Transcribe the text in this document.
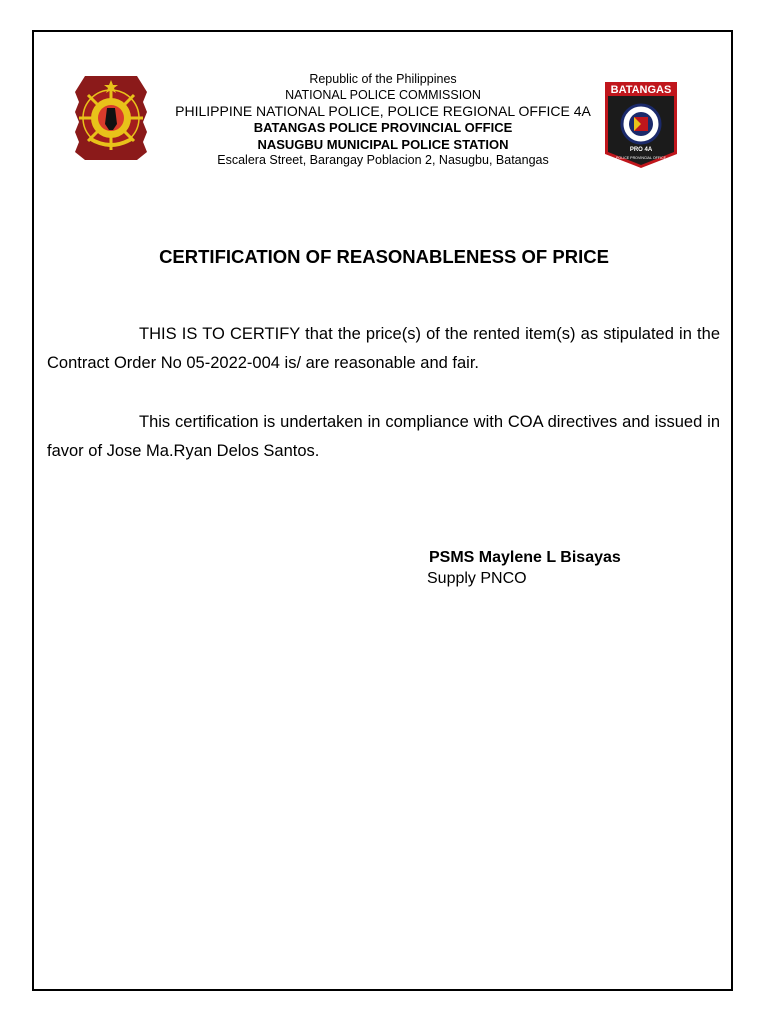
BATANGAS
PRO 4A
POLICE PROVINCIAL OFFICE
Republic of the Philippines
NATIONAL POLICE COMMISSION
PHILIPPINE NATIONAL POLICE, POLICE REGIONAL OFFICE 4A
BATANGAS POLICE PROVINCIAL OFFICE
NASUGBU MUNICIPAL POLICE STATION
Escalera Street, Barangay Poblacion 2, Nasugbu, Batangas
CERTIFICATION OF REASONABLENESS OF PRICE
THIS IS TO CERTIFY that the price(s) of the rented item(s) as stipulated in the Contract Order No 05-2022-004 is/ are reasonable and fair.
This certification is undertaken in compliance with COA directives and issued in favor of Jose Ma.Ryan Delos Santos.
PSMS Maylene L Bisayas
Supply PNCO
